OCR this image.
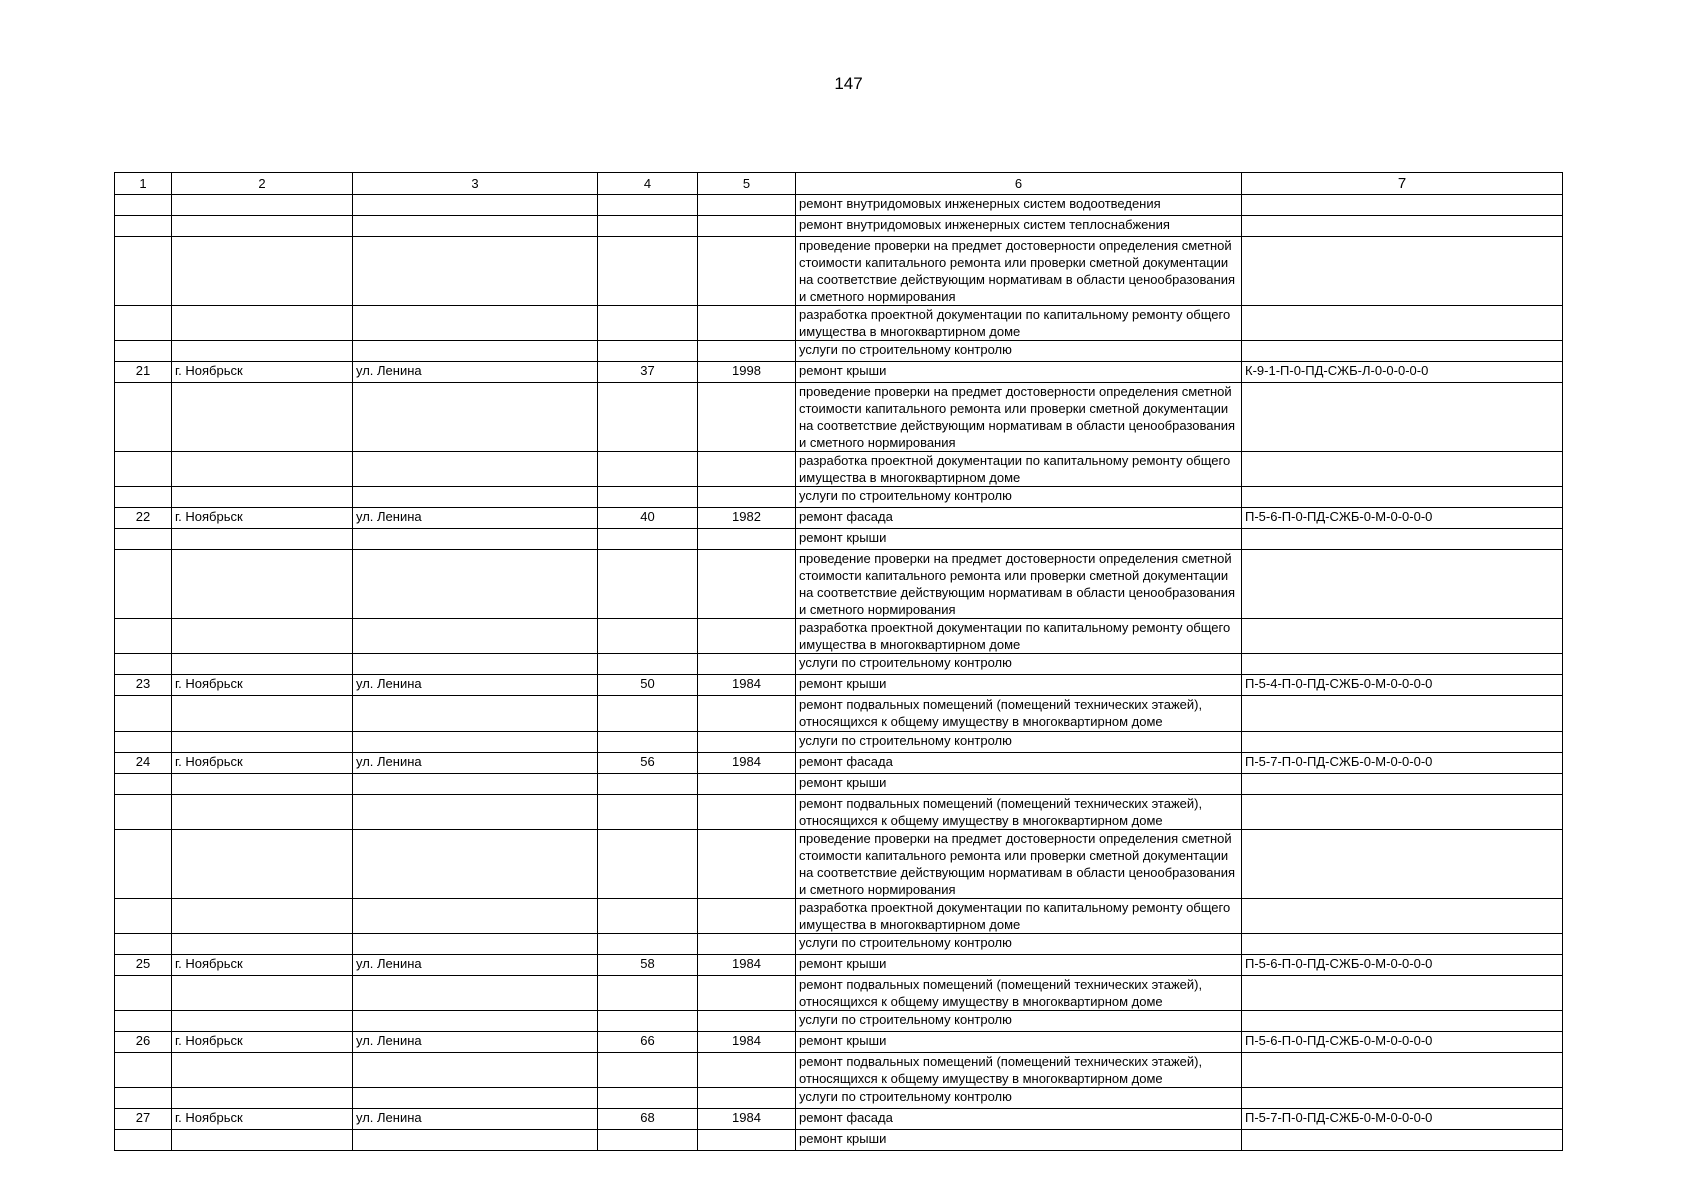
147
1	2	3	4	5	6	7
					ремонт внутридомовых инженерных систем водоотведения	
					ремонт внутридомовых инженерных систем теплоснабжения	
					проведение проверки на предмет достоверности определения сметной стоимости капитального ремонта или проверки сметной документации на соответствие действующим нормативам в области ценообразования и сметного нормирования	
					разработка проектной документации по капитальному ремонту общего имущества в многоквартирном доме	
					услуги по строительному контролю	
21	г. Ноябрьск	ул. Ленина	37	1998	ремонт крыши	К-9-1-П-0-ПД-СЖБ-Л-0-0-0-0-0
					проведение проверки на предмет достоверности определения сметной стоимости капитального ремонта или проверки сметной документации на соответствие действующим нормативам в области ценообразования и сметного нормирования	
					разработка проектной документации по капитальному ремонту общего имущества в многоквартирном доме	
					услуги по строительному контролю	
22	г. Ноябрьск	ул. Ленина	40	1982	ремонт фасада	П-5-6-П-0-ПД-СЖБ-0-М-0-0-0-0
					ремонт крыши	
					проведение проверки на предмет достоверности определения сметной стоимости капитального ремонта или проверки сметной документации на соответствие действующим нормативам в области ценообразования и сметного нормирования	
					разработка проектной документации по капитальному ремонту общего имущества в многоквартирном доме	
					услуги по строительному контролю	
23	г. Ноябрьск	ул. Ленина	50	1984	ремонт крыши	П-5-4-П-0-ПД-СЖБ-0-М-0-0-0-0
					ремонт подвальных помещений (помещений технических этажей), относящихся к общему имуществу в многоквартирном доме	
					услуги по строительному контролю	
24	г. Ноябрьск	ул. Ленина	56	1984	ремонт фасада	П-5-7-П-0-ПД-СЖБ-0-М-0-0-0-0
					ремонт крыши	
					ремонт подвальных помещений (помещений технических этажей), относящихся к общему имуществу в многоквартирном доме	
					проведение проверки на предмет достоверности определения сметной стоимости капитального ремонта или проверки сметной документации на соответствие действующим нормативам в области ценообразования и сметного нормирования	
					разработка проектной документации по капитальному ремонту общего имущества в многоквартирном доме	
					услуги по строительному контролю	
25	г. Ноябрьск	ул. Ленина	58	1984	ремонт крыши	П-5-6-П-0-ПД-СЖБ-0-М-0-0-0-0
					ремонт подвальных помещений (помещений технических этажей), относящихся к общему имуществу в многоквартирном доме	
					услуги по строительному контролю	
26	г. Ноябрьск	ул. Ленина	66	1984	ремонт крыши	П-5-6-П-0-ПД-СЖБ-0-М-0-0-0-0
					ремонт подвальных помещений (помещений технических этажей), относящихся к общему имуществу в многоквартирном доме	
					услуги по строительному контролю	
27	г. Ноябрьск	ул. Ленина	68	1984	ремонт фасада	П-5-7-П-0-ПД-СЖБ-0-М-0-0-0-0
					ремонт крыши	
